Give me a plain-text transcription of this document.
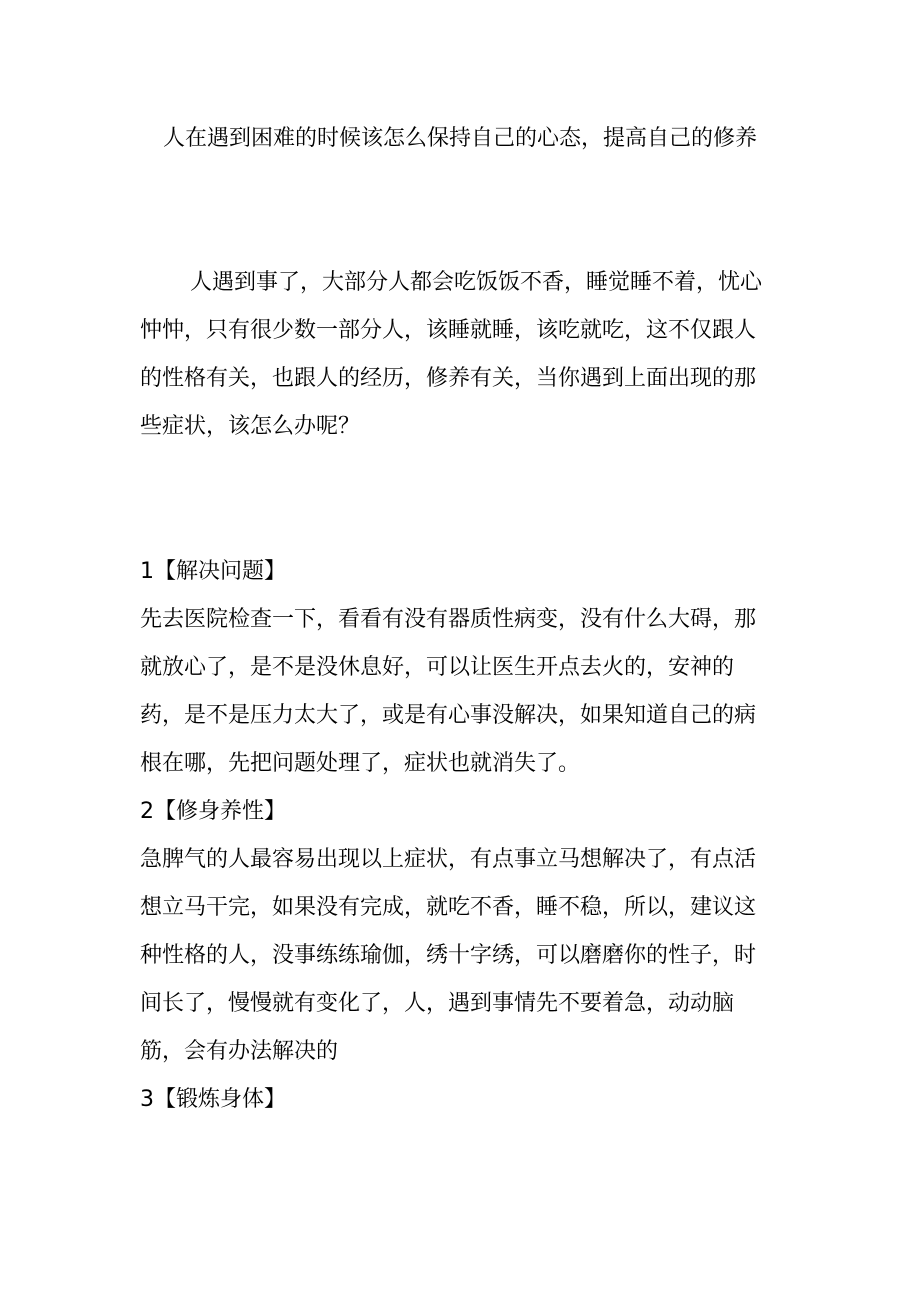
人在遇到困难的时候该怎么保持自己的心态，提高自己的修养

人遇到事了，大部分人都会吃饭饭不香，睡觉睡不着，忧心忡忡，只有很少数一部分人，该睡就睡，该吃就吃，这不仅跟人的性格有关，也跟人的经历，修养有关，当你遇到上面出现的那些症状，该怎么办呢？

1【解决问题】
先去医院检查一下，看看有没有器质性病变，没有什么大碍，那就放心了，是不是没休息好，可以让医生开点去火的，安神的药，是不是压力太大了，或是有心事没解决，如果知道自己的病根在哪，先把问题处理了，症状也就消失了。
2【修身养性】
急脾气的人最容易出现以上症状，有点事立马想解决了，有点活想立马干完，如果没有完成，就吃不香，睡不稳，所以，建议这种性格的人，没事练练瑜伽，绣十字绣，可以磨磨你的性子，时间长了，慢慢就有变化了，人，遇到事情先不要着急，动动脑筋，会有办法解决的
3【锻炼身体】
